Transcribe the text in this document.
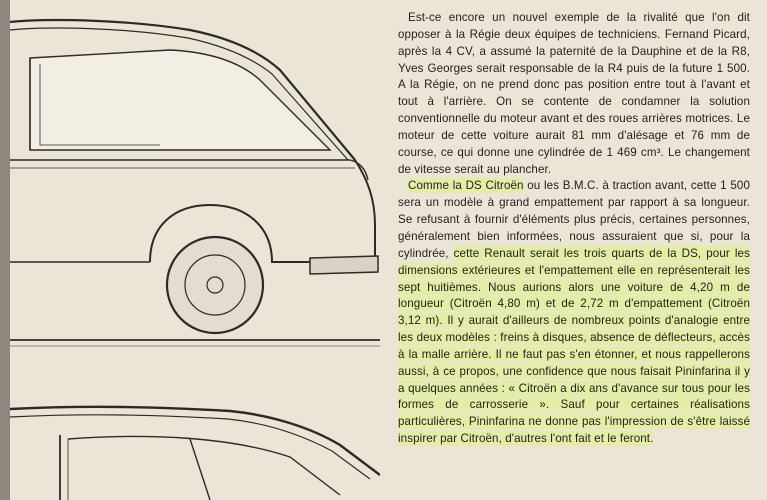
Est-ce encore un nouvel exemple de la rivalité que l'on dit opposer à la Régie deux équipes de techniciens. Fernand Picard, après la 4 CV, a assumé la paternité de la Dauphine et de la R8, Yves Georges serait responsable de la R4 puis de la future 1 500. A la Régie, on ne prend donc pas position entre tout à l'avant et tout à l'arrière. On se contente de condamner la solution conventionnelle du moteur avant et des roues arrières motrices. Le moteur de cette voiture aurait 81 mm d'alésage et 76 mm de course, ce qui donne une cylindrée de 1 469 cm³. Le changement de vitesse serait au plancher.

Comme la DS Citroën ou les B.M.C. à traction avant, cette 1 500 sera un modèle à grand empattement par rapport à sa longueur. Se refusant à fournir d'éléments plus précis, certaines personnes, généralement bien informées, nous assuraient que si, pour la cylindrée, cette Renault serait les trois quarts de la DS, pour les dimensions extérieures et l'empattement elle en représenterait les sept huitièmes. Nous aurions alors une voiture de 4,20 m de longueur (Citroën 4,80 m) et de 2,72 m d'empattement (Citroën 3,12 m). Il y aurait d'ailleurs de nombreux points d'analogie entre les deux modèles : freins à disques, absence de déflecteurs, accès à la malle arrière. Il ne faut pas s'en étonner, et nous rappellerons aussi, à ce propos, une confidence que nous faisait Pininfarina il y a quelques années : « Citroën a dix ans d'avance sur tous pour les formes de carrosserie ». Sauf pour certaines réalisations particulières, Pininfarina ne donne pas l'impression de s'être laissé inspirer par Citroën, d'autres l'ont fait et le feront.
